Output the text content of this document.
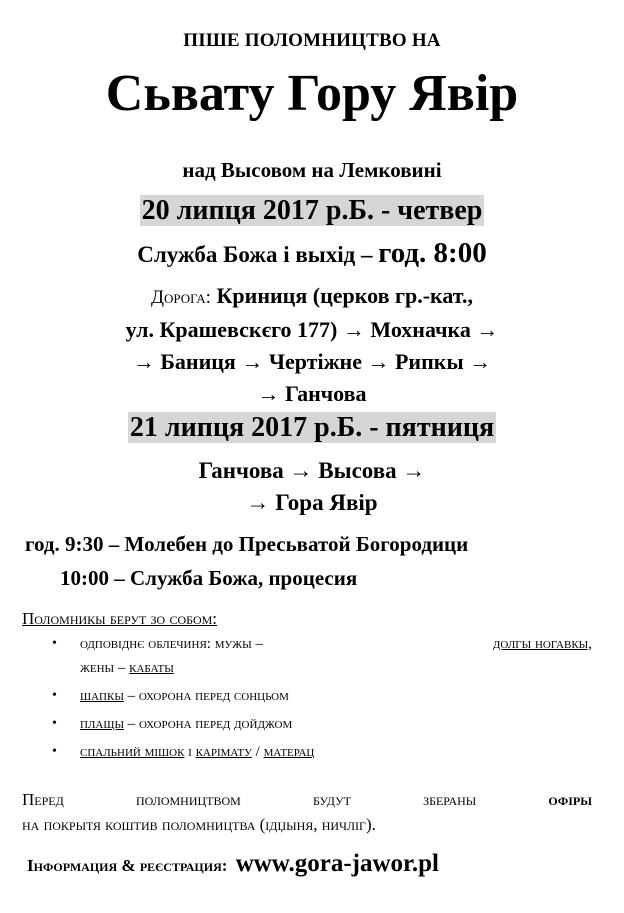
ПІШЕ ПОЛОМНИЦТВО НА
Сьвату Гору Явір
над Высовом на Лемковині
20 липця 2017 р.Б. - четвер
Служба Божа і выхід – год. 8:00
Дорога: Криниця (церков гр.-кат.,
ул. Крашевскєго 177) → Мохначка →
→ Баниця → Чертіжне → Рипкы →
→ Ганчова
21 липця 2017 р.Б. - пятниця
Ганчова → Высова →
→ Гора Явір
год. 9:30 – Молебен до Пресьватой Богородици
10:00 – Служба Божа, процесия
Поломникы берут зо собом:
• одповіднє облечиня: мужы –	долгы ногавкы,
жены – кабаты
• шапкы – охорона перед сонцьом
• плащы – охорона перед дойджом
• спальний мішок і карімату / матерац
Перед	поломництвом	будут	збераны	офіры
на покрытя коштив поломництва (ідџыня, ничліг).
Інформация & реєстрация: www.gora-jawor.pl
